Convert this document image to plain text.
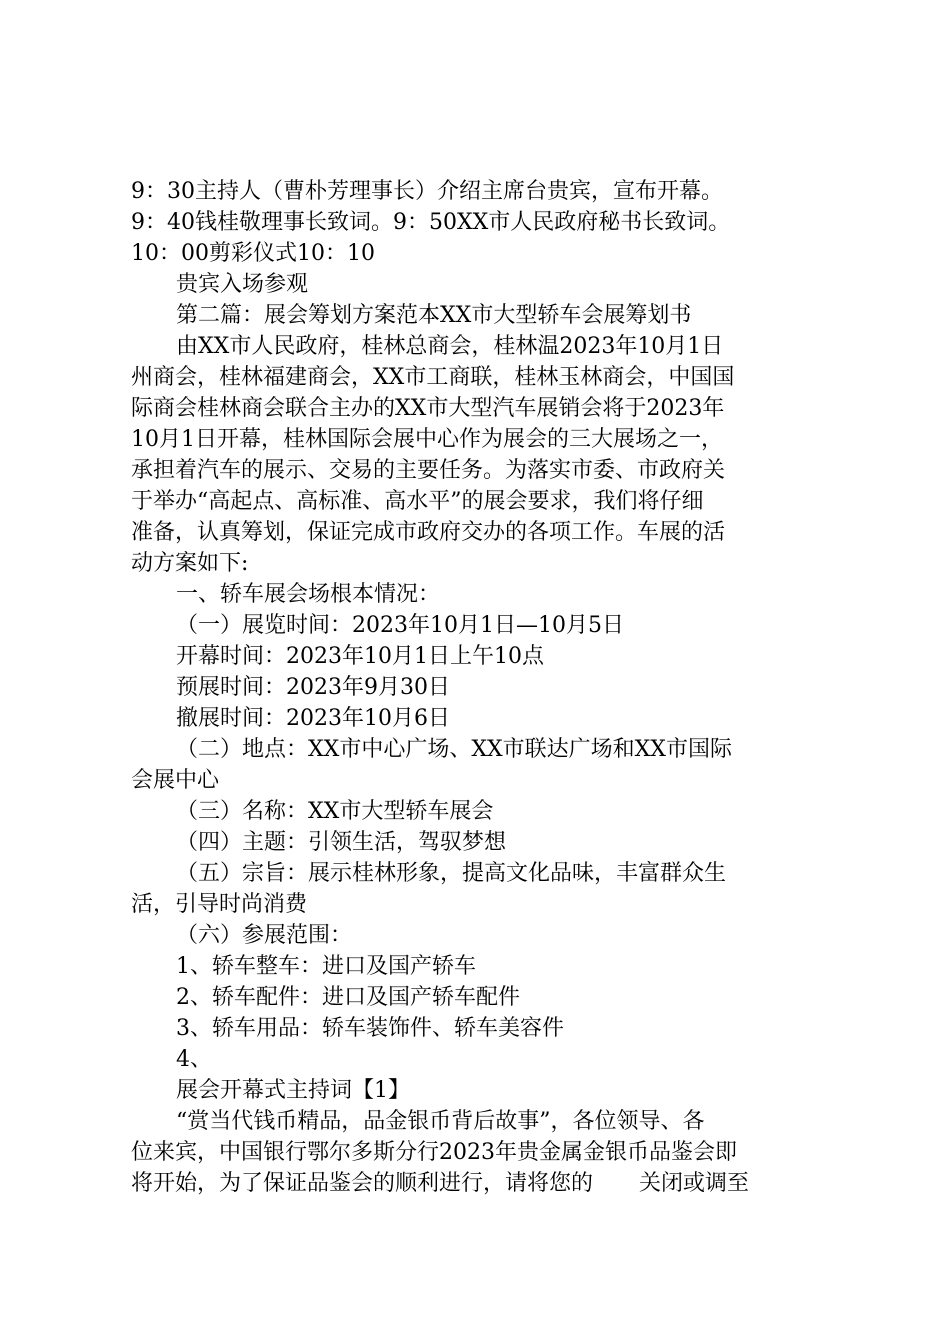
9：30主持人（曹朴芳理事长）介绍主席台贵宾，宣布开幕。
9：40钱桂敬理事长致词。9：50XX市人民政府秘书长致词。
10：00剪彩仪式10：10
贵宾入场参观
第二篇：展会筹划方案范本XX市大型轿车会展筹划书
由XX市人民政府，桂林总商会，桂林温2023年10月1日
州商会，桂林福建商会，XX市工商联，桂林玉林商会，中国国
际商会桂林商会联合主办的XX市大型汽车展销会将于2023年
10月1日开幕，桂林国际会展中心作为展会的三大展场之一，
承担着汽车的展示、交易的主要任务。为落实市委、市政府关
于举办“高起点、高标准、高水平”的展会要求，我们将仔细
准备，认真筹划，保证完成市政府交办的各项工作。车展的活
动方案如下:
一、轿车展会场根本情况：
（一）展览时间：2023年10月1日—10月5日
开幕时间：2023年10月1日上午10点
预展时间：2023年9月30日
撤展时间：2023年10月6日
（二）地点：XX市中心广场、XX市联达广场和XX市国际
会展中心
（三）名称：XX市大型轿车展会
（四）主题：引领生活，驾驭梦想
（五）宗旨：展示桂林形象，提高文化品味，丰富群众生
活，引导时尚消费
（六）参展范围：
1、轿车整车：进口及国产轿车
2、轿车配件：进口及国产轿车配件
3、轿车用品：轿车装饰件、轿车美容件
4、
展会开幕式主持词【1】
“赏当代钱币精品，品金银币背后故事”，各位领导、各
位来宾，中国银行鄂尔多斯分行2023年贵金属金银币品鉴会即
将开始，为了保证品鉴会的顺利进行，请将您的 关闭或调至
